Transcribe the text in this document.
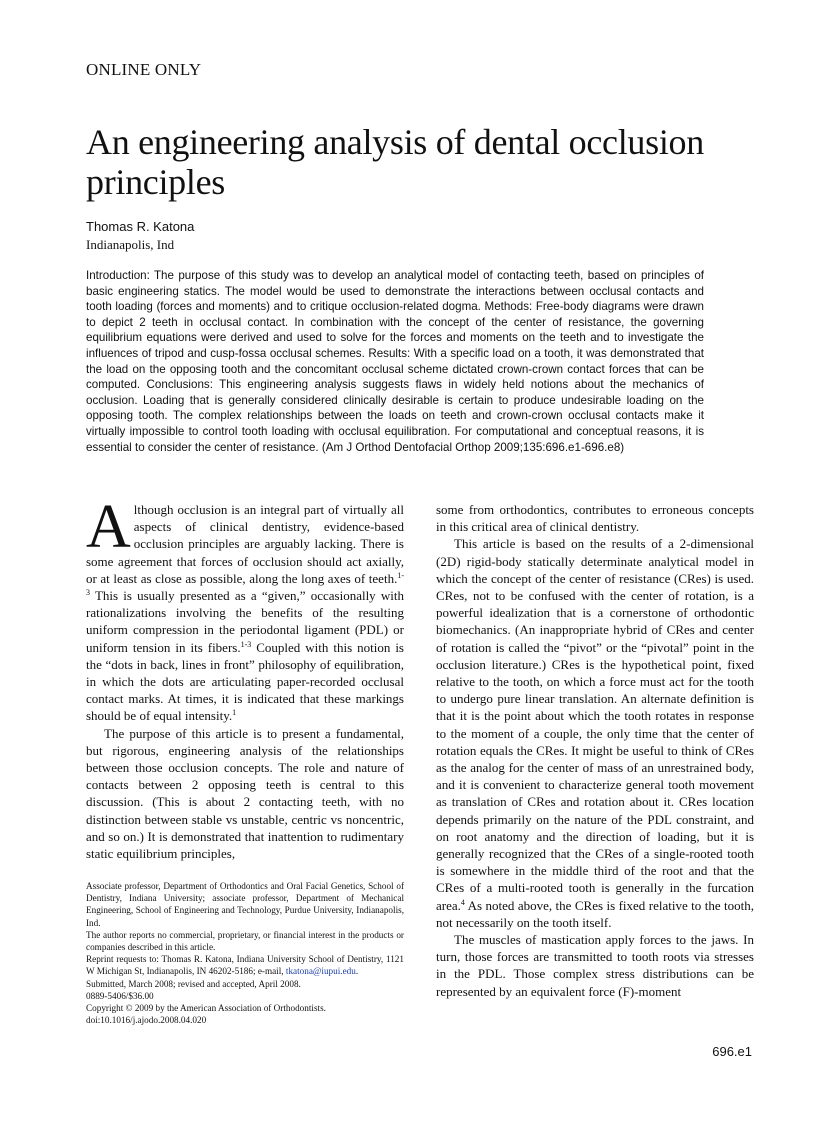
ONLINE ONLY
An engineering analysis of dental occlusion principles
Thomas R. Katona
Indianapolis, Ind

Introduction: The purpose of this study was to develop an analytical model of contacting teeth, based on principles of basic engineering statics. The model would be used to demonstrate the interactions between occlusal contacts and tooth loading (forces and moments) and to critique occlusion-related dogma. Methods: Free-body diagrams were drawn to depict 2 teeth in occlusal contact. In combination with the concept of the center of resistance, the governing equilibrium equations were derived and used to solve for the forces and moments on the teeth and to investigate the influences of tripod and cusp-fossa occlusal schemes. Results: With a specific load on a tooth, it was demonstrated that the load on the opposing tooth and the concomitant occlusal scheme dictated crown-crown contact forces that can be computed. Conclusions: This engineering analysis suggests flaws in widely held notions about the mechanics of occlusion. Loading that is generally considered clinically desirable is certain to produce undesirable loading on the opposing tooth. The complex relationships between the loads on teeth and crown-crown occlusal contacts make it virtually impossible to control tooth loading with occlusal equilibration. For computational and conceptual reasons, it is essential to consider the center of resistance. (Am J Orthod Dentofacial Orthop 2009;135:696.e1-696.e8)

Although occlusion is an integral part of virtually all aspects of clinical dentistry, evidence-based occlusion principles are arguably lacking. There is some agreement that forces of occlusion should act axially, or at least as close as possible, along the long axes of teeth.$^{1-3}$ This is usually presented as a “given,” occasionally with rationalizations involving the benefits of the resulting uniform compression in the periodontal ligament (PDL) or uniform tension in its fibers.$^{1-3}$ Coupled with this notion is the “dots in back, lines in front” philosophy of equilibration, in which the dots are articulating paper-recorded occlusal contact marks. At times, it is indicated that these markings should be of equal intensity.$^1$

The purpose of this article is to present a fundamental, but rigorous, engineering analysis of the relationships between those occlusion concepts. The role and nature of contacts between 2 opposing teeth is central to this discussion. (This is about 2 contacting teeth, with no distinction between stable vs unstable, centric vs noncentric, and so on.) It is demonstrated that inattention to rudimentary static equilibrium principles,

some from orthodontics, contributes to erroneous concepts in this critical area of clinical dentistry.

This article is based on the results of a 2-dimensional (2D) rigid-body statically determinate analytical model in which the concept of the center of resistance (CRes) is used. CRes, not to be confused with the center of rotation, is a powerful idealization that is a cornerstone of orthodontic biomechanics. (An inappropriate hybrid of CRes and center of rotation is called the “pivot” or the “pivotal” point in the occlusion literature.) CRes is the hypothetical point, fixed relative to the tooth, on which a force must act for the tooth to undergo pure linear translation. An alternate definition is that it is the point about which the tooth rotates in response to the moment of a couple, the only time that the center of rotation equals the CRes. It might be useful to think of CRes as the analog for the center of mass of an unrestrained body, and it is convenient to characterize general tooth movement as translation of CRes and rotation about it. CRes location depends primarily on the nature of the PDL constraint, and on root anatomy and the direction of loading, but it is generally recognized that the CRes of a single-rooted tooth is somewhere in the middle third of the root and that the CRes of a multi-rooted tooth is generally in the furcation area.$^4$ As noted above, the CRes is fixed relative to the tooth, not necessarily on the tooth itself.

The muscles of mastication apply forces to the jaws. In turn, those forces are transmitted to tooth roots via stresses in the PDL. Those complex stress distributions can be represented by an equivalent force (F)-moment

Associate professor, Department of Orthodontics and Oral Facial Genetics, School of Dentistry, Indiana University; associate professor, Department of Mechanical Engineering, School of Engineering and Technology, Purdue University, Indianapolis, Ind.
The author reports no commercial, proprietary, or financial interest in the products or companies described in this article.
Reprint requests to: Thomas R. Katona, Indiana University School of Dentistry, 1121 W Michigan St, Indianapolis, IN 46202-5186; e-mail, tkatona@iupui.edu.
Submitted, March 2008; revised and accepted, April 2008.
0889-5406/$36.00
Copyright © 2009 by the American Association of Orthodontists.
doi:10.1016/j.ajodo.2008.04.020
696.e1
